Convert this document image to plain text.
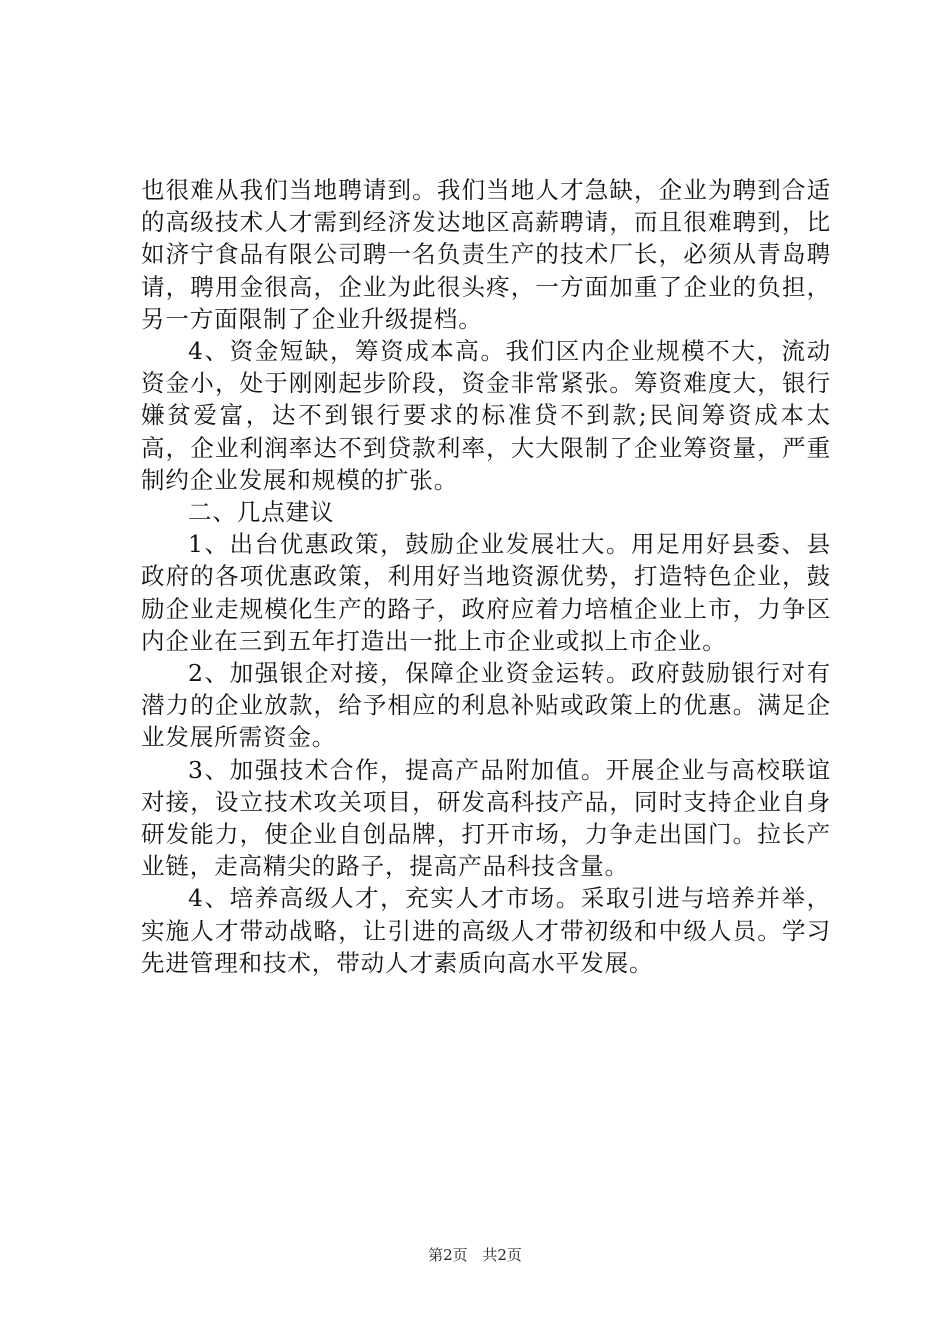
也很难从我们当地聘请到。我们当地人才急缺，企业为聘到合适的高级技术人才需到经济发达地区高薪聘请，而且很难聘到，比如济宁食品有限公司聘一名负责生产的技术厂长，必须从青岛聘请，聘用金很高，企业为此很头疼，一方面加重了企业的负担，另一方面限制了企业升级提档。

4、资金短缺，筹资成本高。我们区内企业规模不大，流动资金小，处于刚刚起步阶段，资金非常紧张。筹资难度大，银行嫌贫爱富，达不到银行要求的标准贷不到款;民间筹资成本太高，企业利润率达不到贷款利率，大大限制了企业筹资量，严重制约企业发展和规模的扩张。

二、几点建议

1、出台优惠政策，鼓励企业发展壮大。用足用好县委、县政府的各项优惠政策，利用好当地资源优势，打造特色企业，鼓励企业走规模化生产的路子，政府应着力培植企业上市，力争区内企业在三到五年打造出一批上市企业或拟上市企业。

2、加强银企对接，保障企业资金运转。政府鼓励银行对有潜力的企业放款，给予相应的利息补贴或政策上的优惠。满足企业发展所需资金。

3、加强技术合作，提高产品附加值。开展企业与高校联谊对接，设立技术攻关项目，研发高科技产品，同时支持企业自身研发能力，使企业自创品牌，打开市场，力争走出国门。拉长产业链，走高精尖的路子，提高产品科技含量。

4、培养高级人才，充实人才市场。采取引进与培养并举，实施人才带动战略，让引进的高级人才带初级和中级人员。学习先进管理和技术，带动人才素质向高水平发展。

第2页 共2页
